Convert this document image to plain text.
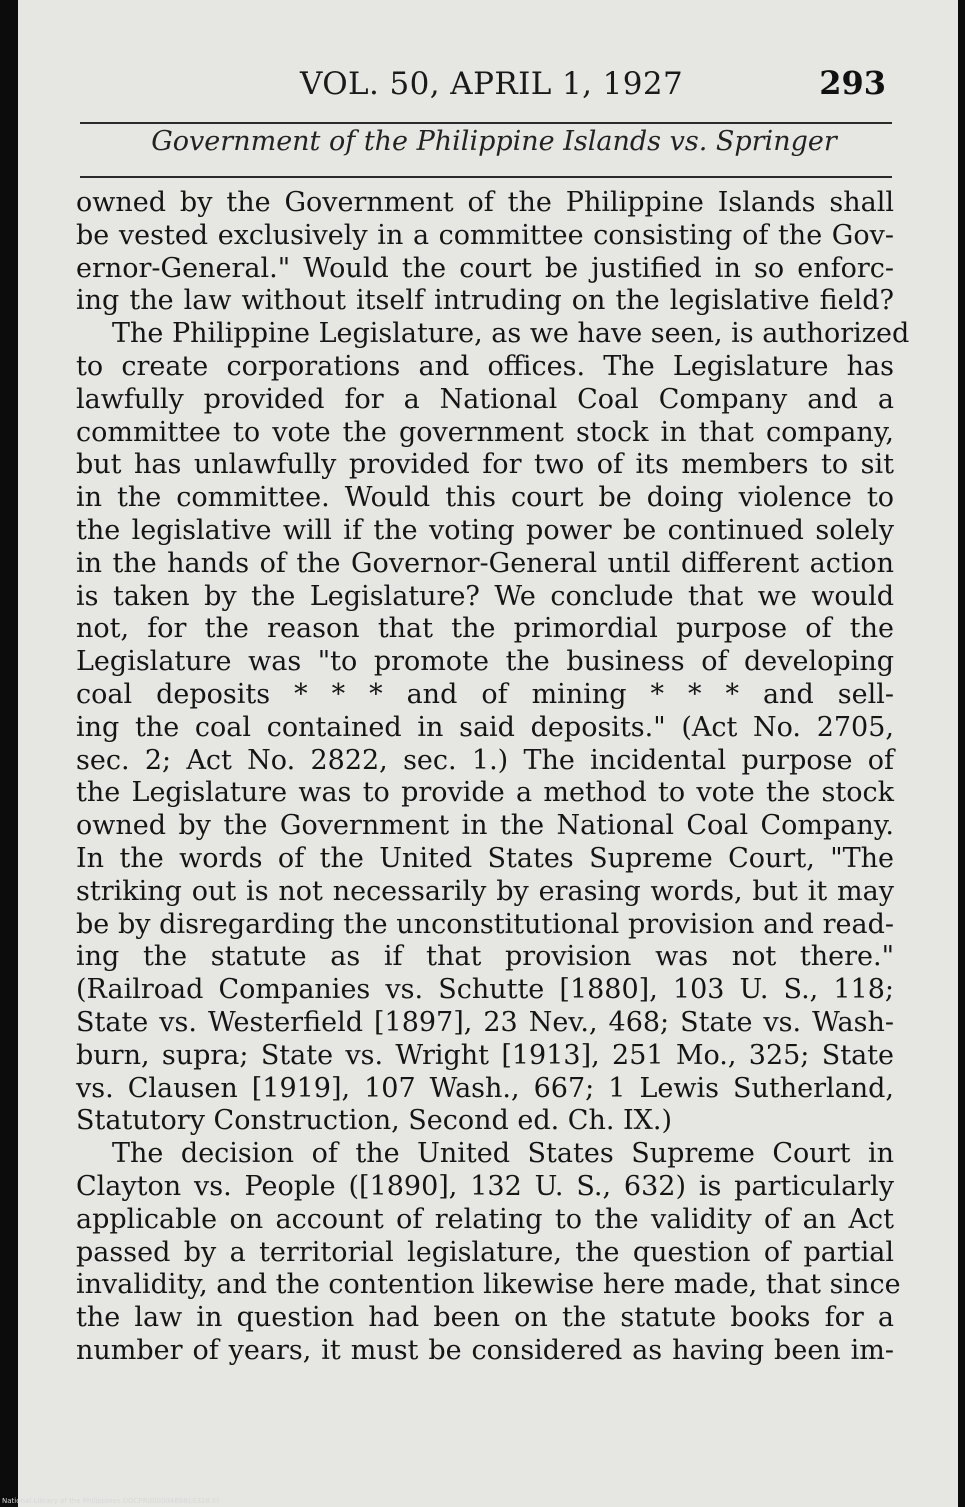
VOL. 50, APRIL 1, 1927	293
Government of the Philippine Islands vs. Springer
owned by the Government of the Philippine Islands shall
be vested exclusively in a committee consisting of the Gov-
ernor-General." Would the court be justified in so enforc-
ing the law without itself intruding on the legislative field?
The Philippine Legislature, as we have seen, is authorized
to create corporations and offices. The Legislature has
lawfully provided for a National Coal Company and a
committee to vote the government stock in that company,
but has unlawfully provided for two of its members to sit
in the committee. Would this court be doing violence to
the legislative will if the voting power be continued solely
in the hands of the Governor-General until different action
is taken by the Legislature? We conclude that we would
not, for the reason that the primordial purpose of the
Legislature was "to promote the business of developing
coal deposits * * * and of mining * * * and sell-
ing the coal contained in said deposits." (Act No. 2705,
sec. 2; Act No. 2822, sec. 1.) The incidental purpose of
the Legislature was to provide a method to vote the stock
owned by the Government in the National Coal Company.
In the words of the United States Supreme Court, "The
striking out is not necessarily by erasing words, but it may
be by disregarding the unconstitutional provision and read-
ing the statute as if that provision was not there."
(Railroad Companies vs. Schutte [1880], 103 U. S., 118;
State vs. Westerfield [1897], 23 Nev., 468; State vs. Wash-
burn, supra; State vs. Wright [1913], 251 Mo., 325; State
vs. Clausen [1919], 107 Wash., 667; 1 Lewis Sutherland,
Statutory Construction, Second ed. Ch. IX.)
The decision of the United States Supreme Court in
Clayton vs. People ([1890], 132 U. S., 632) is particularly
applicable on account of relating to the validity of an Act
passed by a territorial legislature, the question of partial
invalidity, and the contention likewise here made, that since
the law in question had been on the statute books for a
number of years, it must be considered as having been im-
National Library of the Philippines DOCPR00000469810328.tif
